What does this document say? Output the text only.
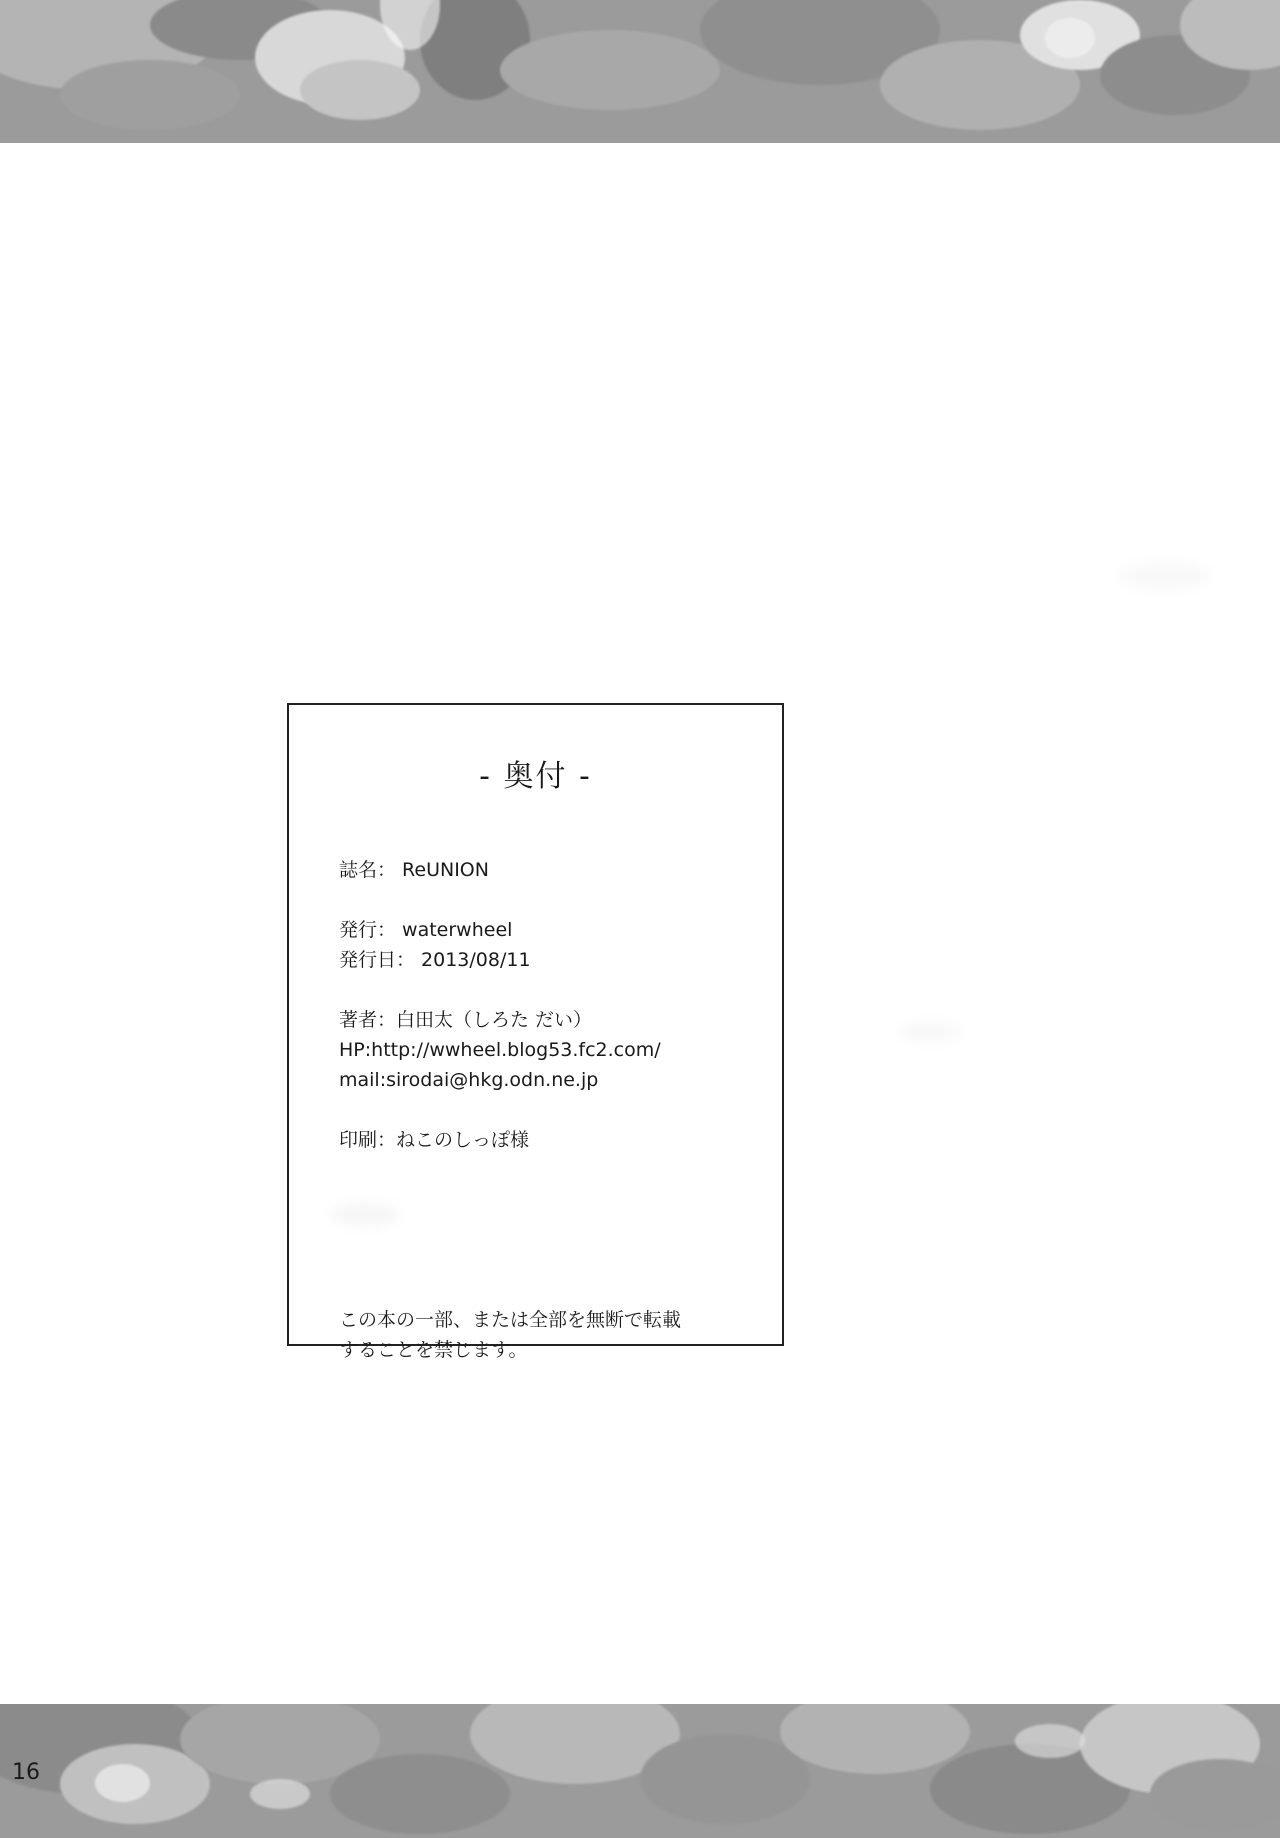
- 奥付 -

誌名： ReUNION

発行： waterwheel

発行日： 2013/08/11

著者：白田太（しろた だい）

HP:http://wwheel.blog53.fc2.com/

mail:sirodai@hkg.odn.ne.jp

印刷：ねこのしっぽ様

この本の一部、または全部を無断で転載
することを禁じます。
16
